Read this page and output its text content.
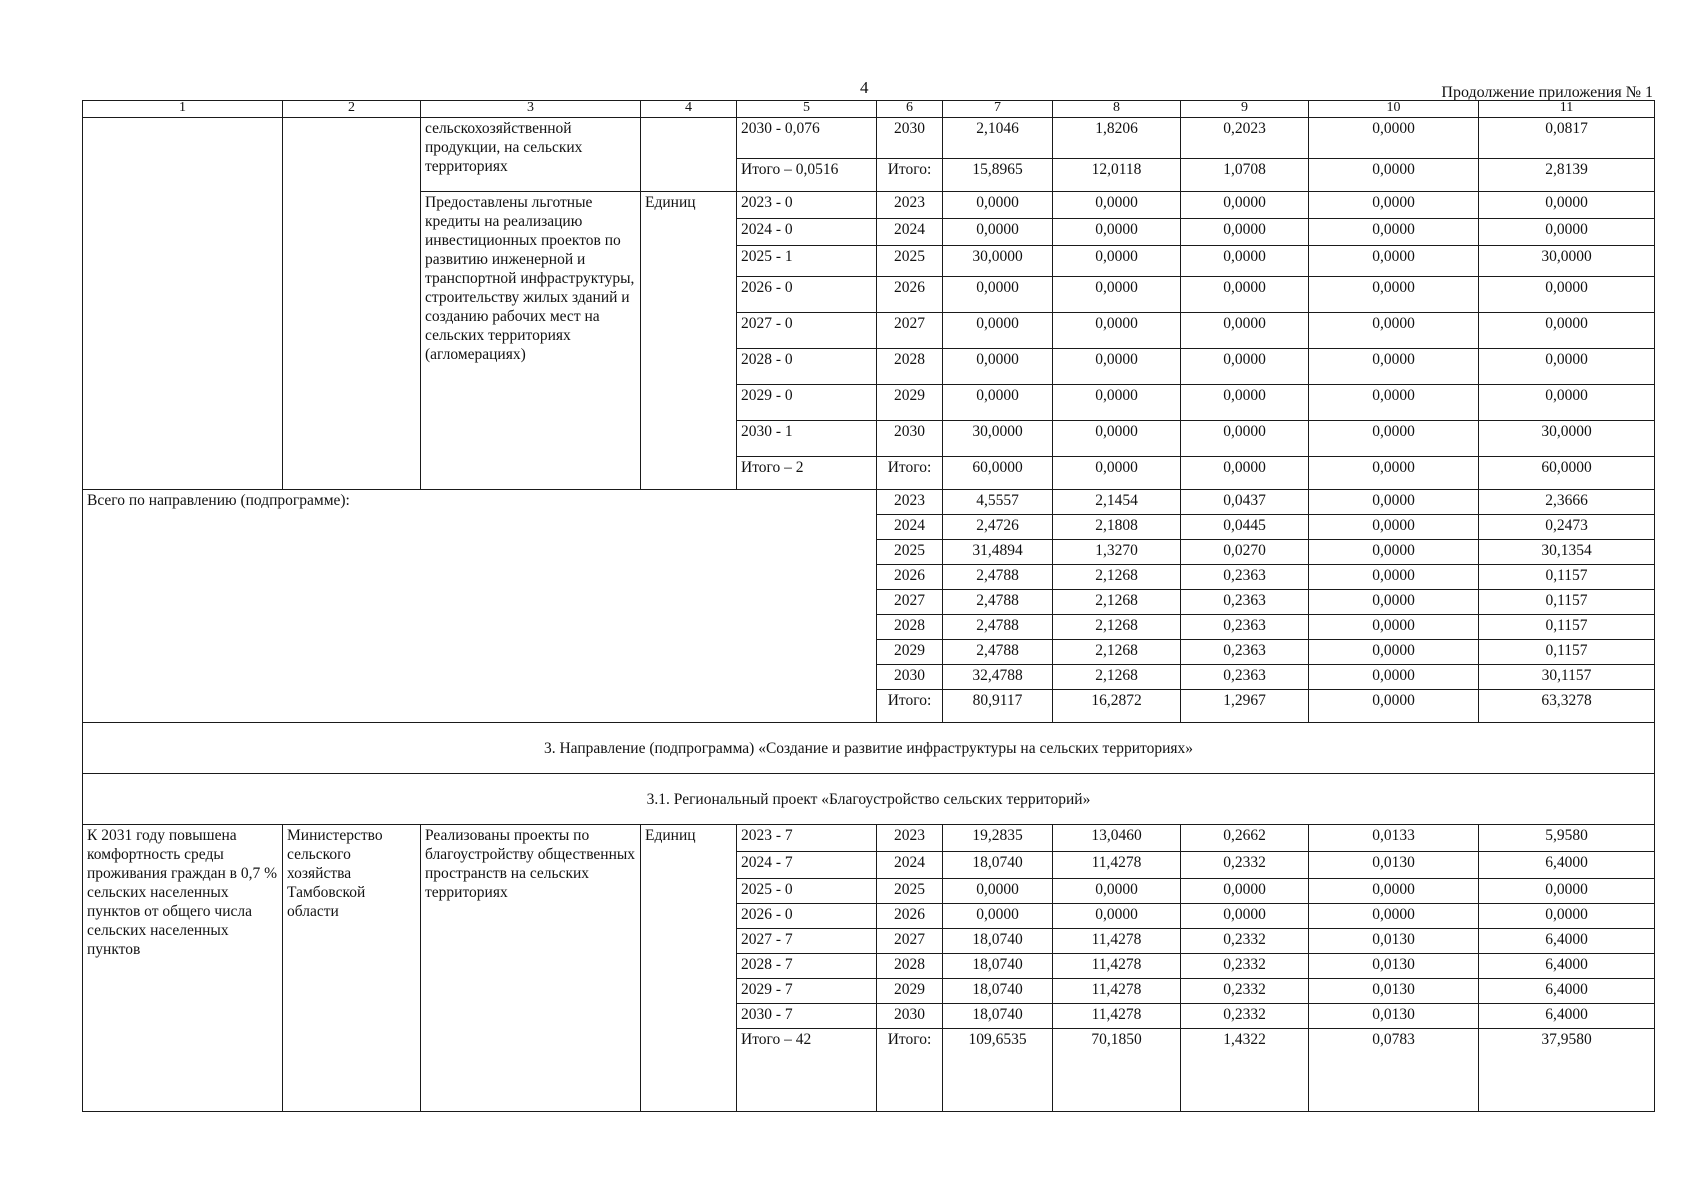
4	Продолжение приложения № 1
1	2	3	4	5	6	7	8	9	10	11
		сельскохозяйственной продукции, на сельских территориях		2030 - 0,076	2030	2,1046	1,8206	0,2023	0,0000	0,0817
				Итого – 0,0516	Итого:	15,8965	12,0118	1,0708	0,0000	2,8139
		Предоставлены льготные кредиты на реализацию инвестиционных проектов по развитию инженерной и транспортной инфраструктуры, строительству жилых зданий и созданию рабочих мест на сельских территориях (агломерациях)	Единиц	2023 - 0	2023	0,0000	0,0000	0,0000	0,0000	0,0000
				2024 - 0	2024	0,0000	0,0000	0,0000	0,0000	0,0000
				2025 - 1	2025	30,0000	0,0000	0,0000	0,0000	30,0000
				2026 - 0	2026	0,0000	0,0000	0,0000	0,0000	0,0000
				2027 - 0	2027	0,0000	0,0000	0,0000	0,0000	0,0000
				2028 - 0	2028	0,0000	0,0000	0,0000	0,0000	0,0000
				2029 - 0	2029	0,0000	0,0000	0,0000	0,0000	0,0000
				2030 - 1	2030	30,0000	0,0000	0,0000	0,0000	30,0000
				Итого – 2	Итого:	60,0000	0,0000	0,0000	0,0000	60,0000
Всего по направлению (подпрограмме):					2023	4,5557	2,1454	0,0437	0,0000	2,3666
					2024	2,4726	2,1808	0,0445	0,0000	0,2473
					2025	31,4894	1,3270	0,0270	0,0000	30,1354
					2026	2,4788	2,1268	0,2363	0,0000	0,1157
					2027	2,4788	2,1268	0,2363	0,0000	0,1157
					2028	2,4788	2,1268	0,2363	0,0000	0,1157
					2029	2,4788	2,1268	0,2363	0,0000	0,1157
					2030	32,4788	2,1268	0,2363	0,0000	30,1157
					Итого:	80,9117	16,2872	1,2967	0,0000	63,3278
3. Направление (подпрограмма) «Создание и развитие инфраструктуры на сельских территориях»										
3.1. Региональный проект «Благоустройство сельских территорий»										
К 2031 году повышена комфортность среды проживания граждан в 0,7 % сельских населенных пунктов от общего числа сельских населенных пунктов	Министерство сельского хозяйства Тамбовской области	Реализованы проекты по благоустройству общественных пространств на сельских территориях	Единиц	2023 - 7	2023	19,2835	13,0460	0,2662	0,0133	5,9580
				2024 - 7	2024	18,0740	11,4278	0,2332	0,0130	6,4000
				2025 - 0	2025	0,0000	0,0000	0,0000	0,0000	0,0000
				2026 - 0	2026	0,0000	0,0000	0,0000	0,0000	0,0000
				2027 - 7	2027	18,0740	11,4278	0,2332	0,0130	6,4000
				2028 - 7	2028	18,0740	11,4278	0,2332	0,0130	6,4000
				2029 - 7	2029	18,0740	11,4278	0,2332	0,0130	6,4000
				2030 - 7	2030	18,0740	11,4278	0,2332	0,0130	6,4000
				Итого – 42	Итого:	109,6535	70,1850	1,4322	0,0783	37,9580
